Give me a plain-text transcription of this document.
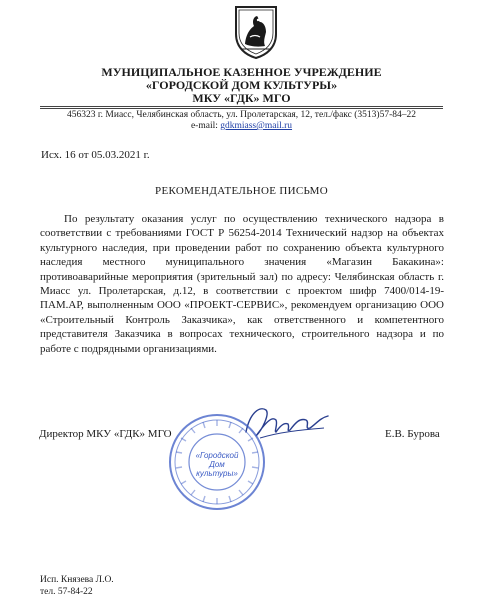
МУНИЦИПАЛЬНОЕ КАЗЕННОЕ УЧРЕЖДЕНИЕ
«ГОРОДСКОЙ ДОМ КУЛЬТУРЫ»
МКУ «ГДК» МГО
456323 г. Миасс, Челябинская область, ул. Пролетарская, 12, тел./факс (3513)57-84–22
e-mail: gdkmiass@mail.ru
Исх. 16 от 05.03.2021 г.
РЕКОМЕНДАТЕЛЬНОЕ ПИСЬМО

По результату оказания услуг по осуществлению технического надзора в соответствии с требованиями ГОСТ Р 56254-2014 Технический надзор на объектах культурного наследия, при проведении работ по сохранению объекта культурного наследия местного муниципального значения «Магазин Бакакина»: противоаварийные мероприятия (зрительный зал) по адресу: Челябинская область г. Миасс ул. Пролетарская, д.12, в соответствии с проектом шифр 7400/014-19-ПАМ.АР, выполненным ООО «ПРОЕКТ-СЕРВИС», рекомендуем организацию ООО «Строительный Контроль Заказчика», как ответственного и компетентного представителя Заказчика в вопросах технического, строительного надзора и по работе с подрядными организациями.

Директор МКУ «ГДК» МГО
«Городской
Дом
культуры»
Е.В. Бурова
Исп. Князева Л.О.
тел. 57-84-22
